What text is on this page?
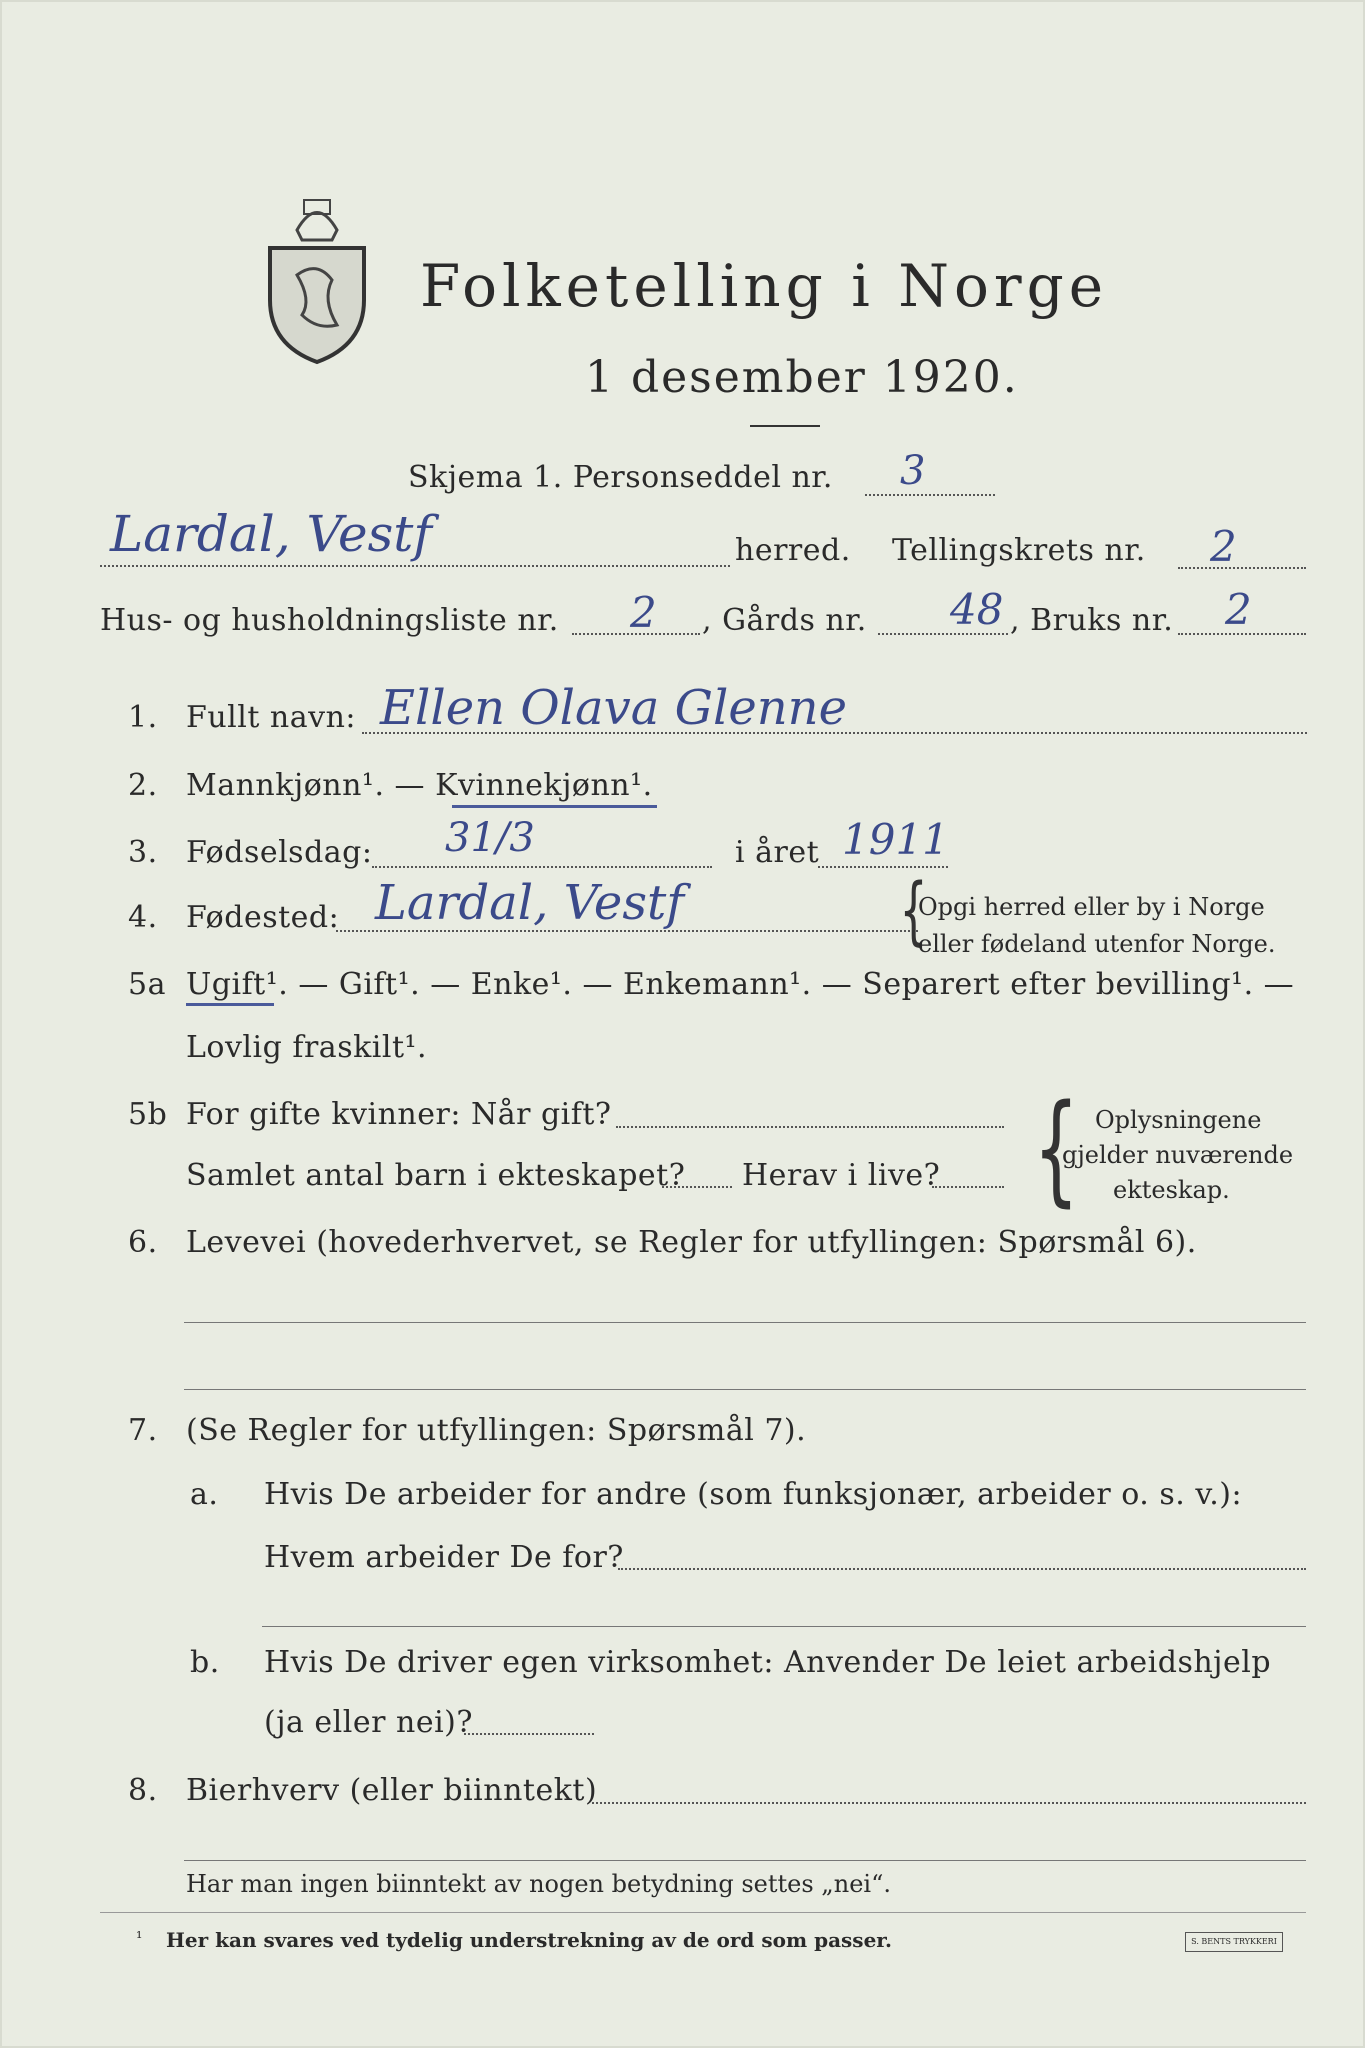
Folketelling i Norge
1 desember 1920.
Skjema 1. Personseddel nr. 3
Lardal, Vestf	herred. Tellingskrets nr. 2
Hus- og husholdningsliste nr. 2 , Gårds nr. 48 , Bruks nr. 2
1. Fullt navn: Ellen Olava Glenne
2. Mannkjønn¹. — Kvinnekjønn¹.
3. Fødselsdag: 31/3	i året 1911
4. Fødested: Lardal, Vestf	{
Opgi herred eller by i Norge
eller fødeland utenfor Norge.
5a Ugift¹. — Gift¹. — Enke¹. — Enkemann¹. — Separert efter bevilling¹. —
Lovlig fraskilt¹.
5b For gifte kvinner: Når gift?
Samlet antal barn i ekteskapet? Herav i live? { Oplysningene
gjelder nuværende
ekteskap.
6. Levevei (hovederhvervet, se Regler for utfyllingen: Spørsmål 6).
7. (Se Regler for utfyllingen: Spørsmål 7).
a. Hvis De arbeider for andre (som funksjonær, arbeider o. s. v.):
Hvem arbeider De for?
b. Hvis De driver egen virksomhet: Anvender De leiet arbeidshjelp
(ja eller nei)?
8. Bierhverv (eller biinntekt)
Har man ingen biinntekt av nogen betydning settes „nei“.
¹ Her kan svares ved tydelig understrekning av de ord som passer.	S. BENTS TRYKKERI
